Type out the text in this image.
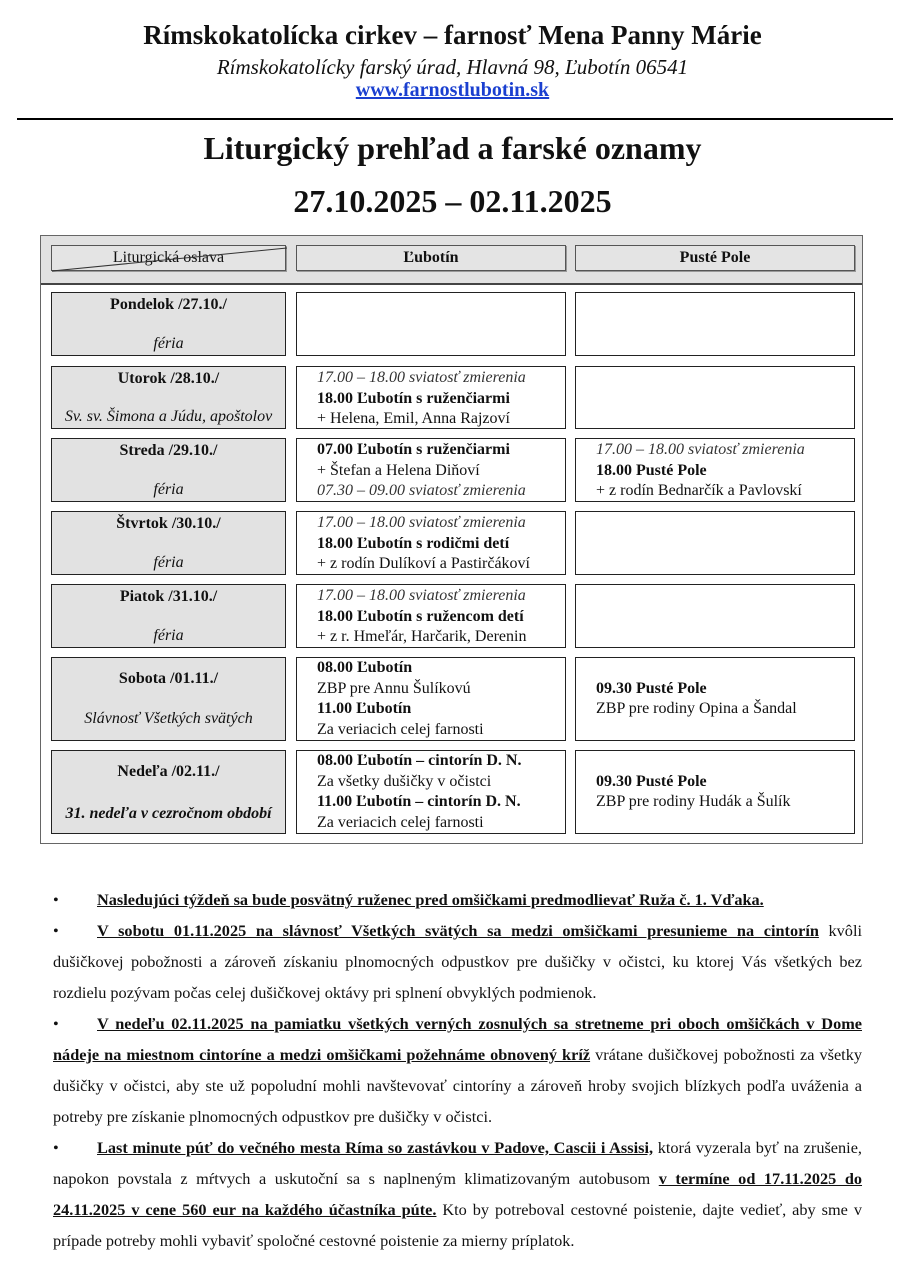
Rímskokatolícka cirkev – farnosť Mena Panny Márie
Rímskokatolícky farský úrad, Hlavná 98, Ľubotín 06541
www.farnostlubotin.sk
Liturgický prehľad a farské oznamy
27.10.2025 – 02.11.2025
Liturgická oslava	Ľubotín	Pusté Pole
Pondelok /27.10./
féria
Utorok /28.10./
Sv. sv. Šimona a Júdu, apoštolov
17.00 – 18.00 sviatosť zmierenia
18.00 Ľubotín s ruženčiarmi
+ Helena, Emil, Anna Rajzoví
Streda /29.10./
féria
07.00 Ľubotín s ruženčiarmi
+ Štefan a Helena Diňoví
07.30 – 09.00 sviatosť zmierenia
17.00 – 18.00 sviatosť zmierenia
18.00 Pusté Pole
+ z rodín Bednarčík a Pavlovskí
Štvrtok /30.10./
féria
17.00 – 18.00 sviatosť zmierenia
18.00 Ľubotín s rodičmi detí
+ z rodín Dulíkoví a Pastirčákoví
Piatok /31.10./
féria
17.00 – 18.00 sviatosť zmierenia
18.00 Ľubotín s ružencom detí
+ z r. Hmeľár, Harčarik, Derenin
Sobota /01.11./
Slávnosť Všetkých svätých
08.00 Ľubotín
ZBP pre Annu Šulíkovú
11.00 Ľubotín
Za veriacich celej farnosti
09.30 Pusté Pole
ZBP pre rodiny Opina a Šandal
Nedeľa /02.11./
31. nedeľa v cezročnom období
08.00 Ľubotín – cintorín D. N.
Za všetky dušičky v očistci
11.00 Ľubotín – cintorín D. N.
Za veriacich celej farnosti
09.30 Pusté Pole
ZBP pre rodiny Hudák a Šulík

• Nasledujúci týždeň sa bude posvätný ruženec pred omšičkami predmodlievať Ruža č. 1. Vďaka.

• V sobotu 01.11.2025 na slávnosť Všetkých svätých sa medzi omšičkami presunieme na cintorín kvôli dušičkovej pobožnosti a zároveň získaniu plnomocných odpustkov pre dušičky v očistci, ku ktorej Vás všetkých bez rozdielu pozývam počas celej dušičkovej oktávy pri splnení obvyklých podmienok.

• V nedeľu 02.11.2025 na pamiatku všetkých verných zosnulých sa stretneme pri oboch omšičkách v Dome nádeje na miestnom cintoríne a medzi omšičkami požehnáme obnovený kríž vrátane dušičkovej pobožnosti za všetky dušičky v očistci, aby ste už popoludní mohli navštevovať cintoríny a zároveň hroby svojich blízkych podľa uváženia a potreby pre získanie plnomocných odpustkov pre dušičky v očistci.

• Last minute púť do večného mesta Ríma so zastávkou v Padove, Cascii i Assisi, ktorá vyzerala byť na zrušenie, napokon povstala z mŕtvych a uskutoční sa s naplneným klimatizovaným autobusom v termíne od 17.11.2025 do 24.11.2025 v cene 560 eur na každého účastníka púte. Kto by potreboval cestovné poistenie, dajte vedieť, aby sme v prípade potreby mohli vybaviť spoločné cestovné poistenie za mierny príplatok.
